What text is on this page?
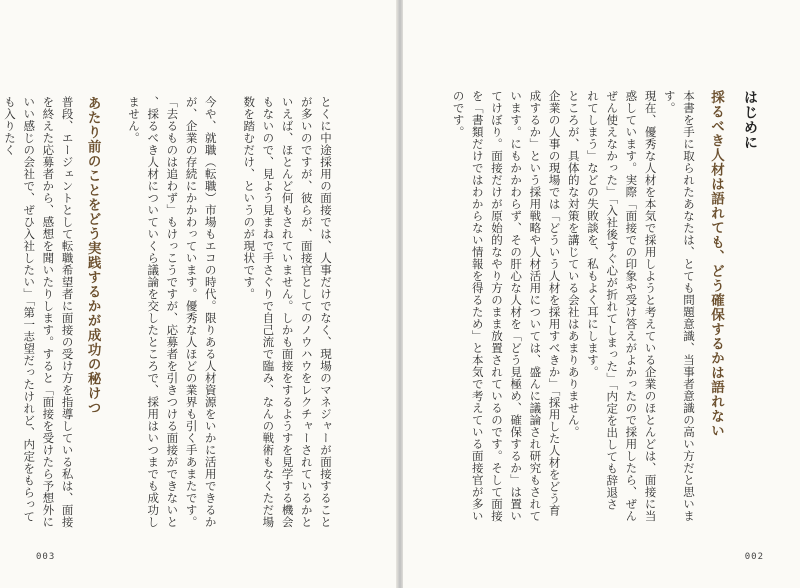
とくに中途採用の面接では、人事だけでなく、現場のマネジャーが面接すること
が多いのですが、彼らが、面接官としてのノウハウをレクチャーされているかと
いえば、ほとんど何もされていません。しかも面接をするようすを見学する機会
もないので、見よう見まねで手さぐりで自己流で臨み、なんの戦術もなくただ場
数を踏むだけ、というのが現状です。

今や、就職（転職）市場もエコの時代。限りある人材資源をいかに活用できるか
が、企業の存続にかかわっています。優秀な人ほどの業界も引く手あまたです。
「去るものは追わず」もけっこうですが、応募者を引きつける面接ができないと
、採るべき人材についていくら議論を交したところで、採用はいつまでも成功し
ません。

あたり前のことをどう実践するかが成功の秘けつ

普段、エージェントとして転職希望者に面接の受け方を指導している私は、面接
を終えた応募者から、感想を聞いたりします。すると「面接を受けたら予想外に
いい感じの会社で、ぜひ入社したい」「第一志望だったけれど、内定をもらって
も入りたく

003

はじめに

採るべき人材は語れても、どう確保するかは語れない

本書を手に取られたあなたは、とても問題意識、当事者意識の高い方だと思いま
す。

現在、優秀な人材を本気で採用しようと考えている企業のほとんどは、面接に当
惑しています。実際「面接での印象や受け答えがよかったので採用したら、ぜん
ぜん使えなかった」「入社後すぐ心が折れてしまった」「内定を出しても辞退さ
れてしまう」などの失敗談を、私もよく耳にします。

ところが、具体的な対策を講じている会社はあまりありません。

企業の人事の現場では「どういう人材を採用すべきか」「採用した人材をどう育
成するか」という採用戦略や人材活用については、盛んに議論され研究もされて
います。にもかかわらず、その肝心な人材を「どう見極め、確保するか」は置い
てけぼり。面接だけが原始的なやり方のまま放置されているのです。そして面接
を「書類だけではわからない情報を得るため」と本気で考えている面接官が多い
のです。

002
